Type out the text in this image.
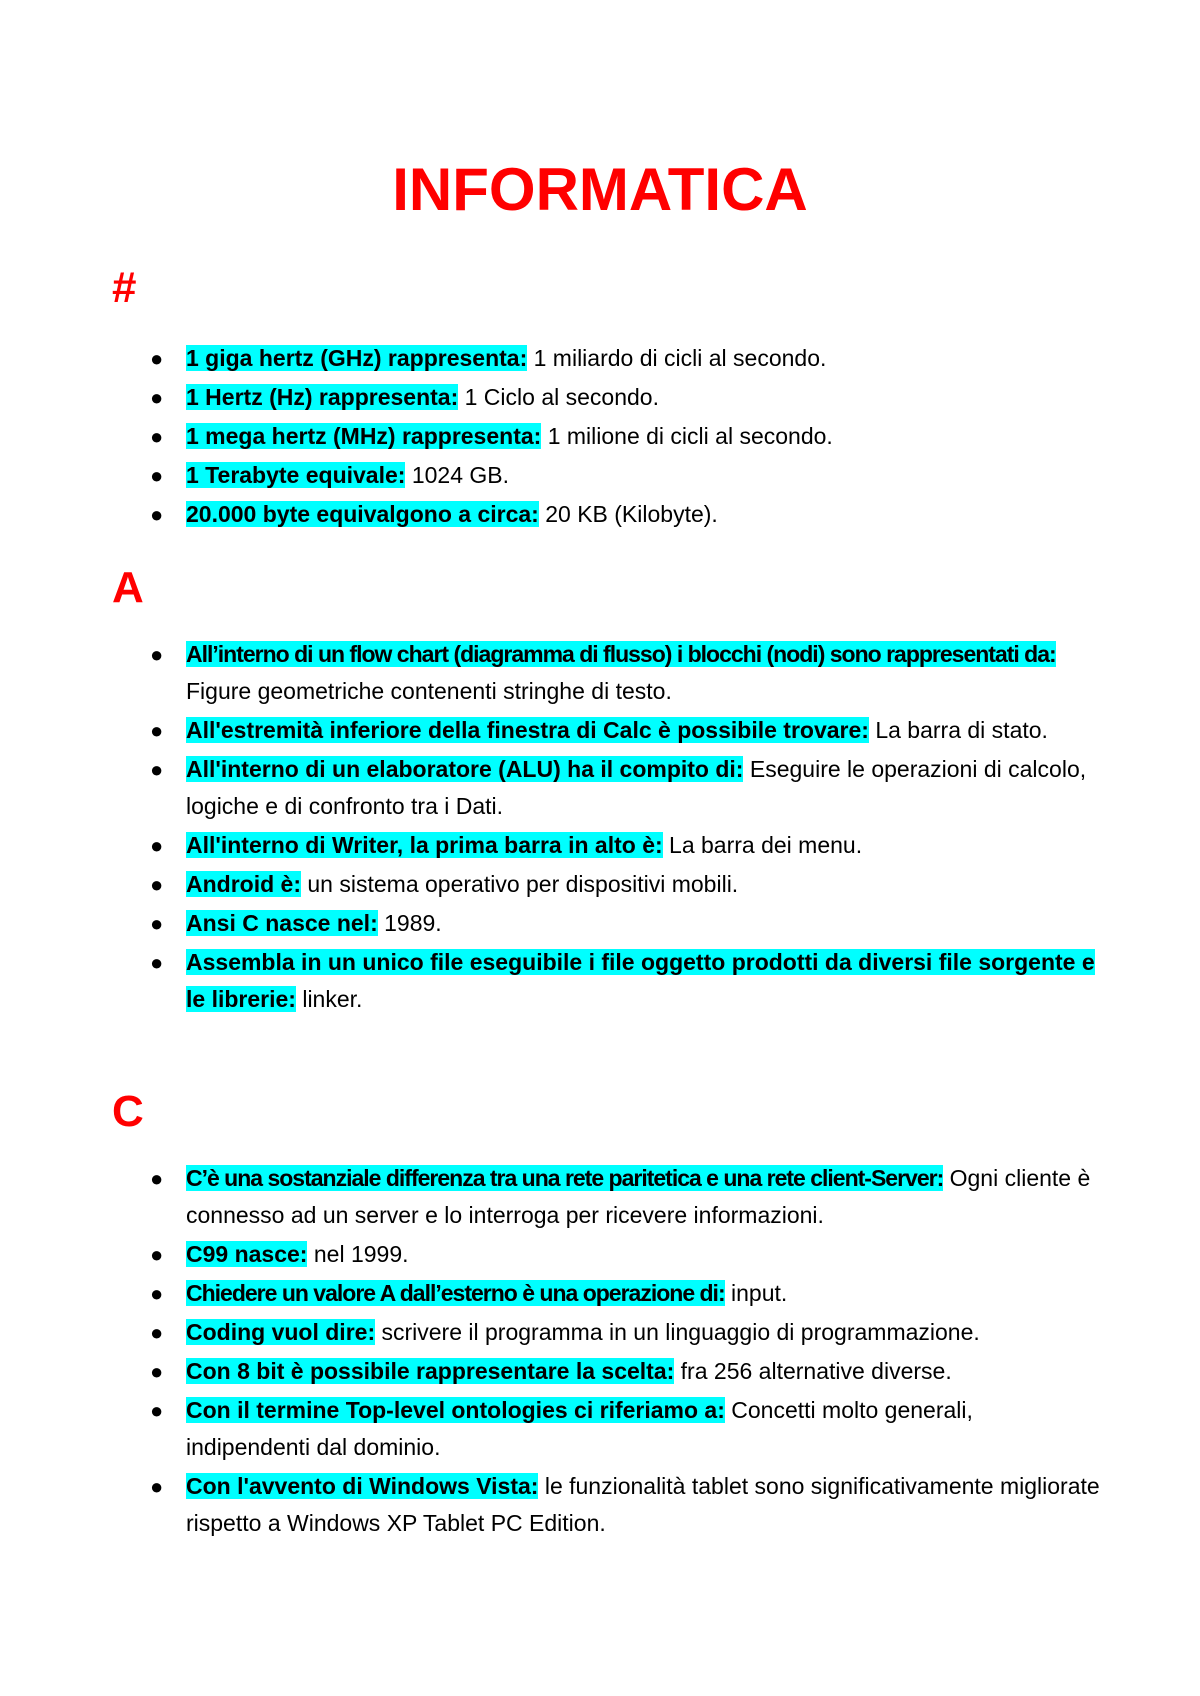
INFORMATICA
#
● 1 giga hertz (GHz) rappresenta: 1 miliardo di cicli al secondo.
● 1 Hertz (Hz) rappresenta: 1 Ciclo al secondo.
● 1 mega hertz (MHz) rappresenta: 1 milione di cicli al secondo.
● 1 Terabyte equivale: 1024 GB.
● 20.000 byte equivalgono a circa: 20 KB (Kilobyte).
A
● All’interno di un flow chart (diagramma di flusso) i blocchi (nodi) sono rappresentati da: Figure geometriche contenenti stringhe di testo.
● All'estremità inferiore della finestra di Calc è possibile trovare: La barra di stato.
● All'interno di un elaboratore (ALU) ha il compito di: Eseguire le operazioni di calcolo, logiche e di confronto tra i Dati.
● All'interno di Writer, la prima barra in alto è: La barra dei menu.
● Android è: un sistema operativo per dispositivi mobili.
● Ansi C nasce nel: 1989.
● Assembla in un unico file eseguibile i file oggetto prodotti da diversi file sorgente e le librerie: linker.
C
● C’è una sostanziale differenza tra una rete paritetica e una rete client-Server: Ogni cliente è connesso ad un server e lo interroga per ricevere informazioni.
● C99 nasce: nel 1999.
● Chiedere un valore A dall’esterno è una operazione di: input.
● Coding vuol dire: scrivere il programma in un linguaggio di programmazione.
● Con 8 bit è possibile rappresentare la scelta: fra 256 alternative diverse.
● Con il termine Top-level ontologies ci riferiamo a: Concetti molto generali, indipendenti dal dominio.
● Con l'avvento di Windows Vista: le funzionalità tablet sono significativamente migliorate rispetto a Windows XP Tablet PC Edition.
